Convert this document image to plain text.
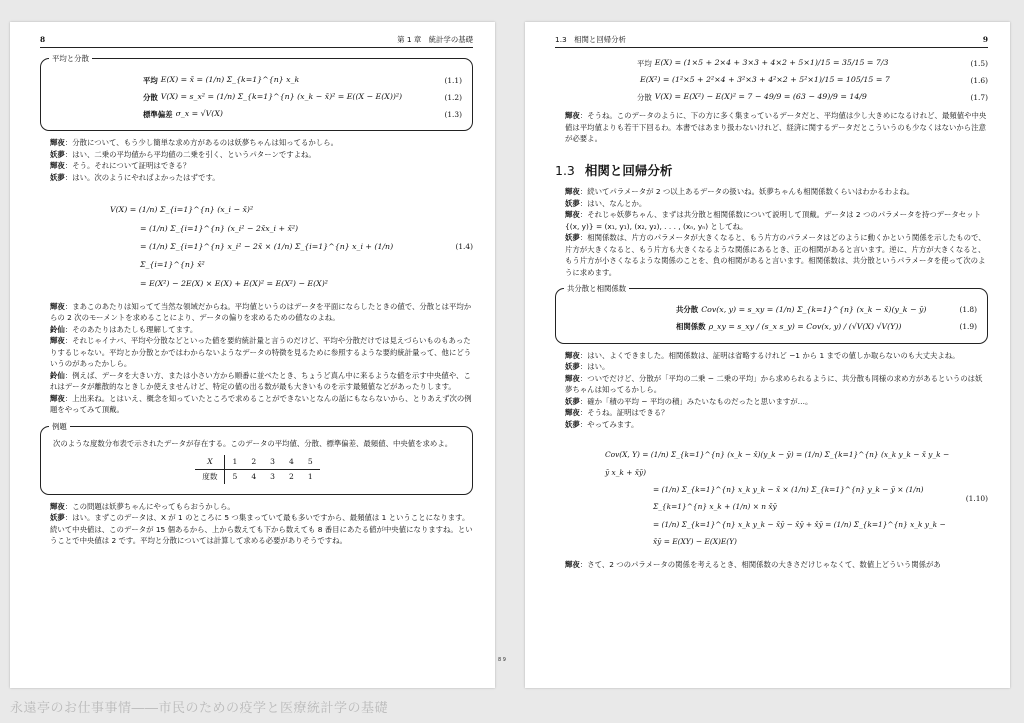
8	第 1 章　統計学の基礎
平均と分散
平均 E(X) = x̄ = (1/n) Σ_{k=1}^{n} x_k	(1.1)
分散 V(X) = s_x² = (1/n) Σ_{k=1}^{n} (x_k − x̄)² = E((X − E(X))²)	(1.2)
標準偏差 σ_x = √V(X)	(1.3)

輝夜：分散について、もう少し簡単な求め方があるのは妖夢ちゃんは知ってるかしら。

妖夢：はい、二乗の平均値から平均値の二乗を引く、というパターンですよね。

輝夜：そう。それについて証明はできる？

妖夢：はい。次のようにやればよかったはずです。

V(X) = (1/n) Σ_{i=1}^{n} (x_i − x̄)²
= (1/n) Σ_{i=1}^{n} (x_i² − 2x̄x_i + x̄²)
= (1/n) Σ_{i=1}^{n} x_i² − 2x̄ × (1/n) Σ_{i=1}^{n} x_i + (1/n) Σ_{i=1}^{n} x̄²
= E(X²) − 2E(X) × E(X) + E(X)² = E(X²) − E(X)²
(1.4)

輝夜：まあこのあたりは知ってて当然な領域だからね。平均値というのはデータを平面にならしたときの値で、分散とは平均からの 2 次のモーメントを求めることにより、データの偏りを求めるための値なのよね。

鈴仙：そのあたりはあたしも理解してます。

輝夜：それじゃイナバ、平均や分散などといった値を要約統計量と言うのだけど、平均や分散だけでは見えづらいものもあったりするじゃない。平均とか分散とかではわからないようなデータの特徴を見るために参照するような要約統計量って、他にどういうのがあったかしら。

鈴仙：例えば、データを大きい方、または小さい方から順番に並べたとき、ちょうど真ん中に来るような値を示す中央値や、これはデータが離散的なときしか使えませんけど、特定の値の出る数が最も大きいものを示す最頻値などがあったりします。

輝夜：上出来ね。とはいえ、概念を知っていたところで求めることができないとなんの話にもならないから、とりあえず次の例題をやってみて頂戴。

例題

次のような度数分布表で示されたデータが存在する。このデータの平均値、分散、標準偏差、最頻値、中央値を求めよ。

X	1	2	3	4	5
度数	5	4	3	2	1

輝夜：この問題は妖夢ちゃんにやってもらおうかしら。

妖夢：はい。まずこのデータは、X が 1 のところに 5 つ集まっていて最も多いですから、最頻値は 1 ということになります。続いて中央値は、このデータが 15 個あるから、上から数えても下から数えても 8 番目にあたる値が中央値になりますね。ということで中央値は 2 です。平均と分散については計算して求める必要がありそうですね。

1.3　相関と回帰分析	9
平均 E(X) = (1×5 + 2×4 + 3×3 + 4×2 + 5×1)/15 = 35/15 = 7/3	(1.5)
E(X²) = (1²×5 + 2²×4 + 3²×3 + 4²×2 + 5²×1)/15 = 105/15 = 7	(1.6)
分散 V(X) = E(X²) − E(X)² = 7 − 49/9 = (63 − 49)/9 = 14/9	(1.7)

輝夜：そうね。このデータのように、下の方に多く集まっているデータだと、平均値は少し大きめになるけれど、最頻値や中央値は平均値よりも若干下回るわ。本書ではあまり扱わないけれど、経済に関するデータだとこういうのも少なくはないから注意が必要よ。

1.3 相関と回帰分析

輝夜：続いてパラメータが 2 つ以上あるデータの扱いね。妖夢ちゃんも相関係数くらいはわかるわよね。

妖夢：はい、なんとか。

輝夜：それじゃ妖夢ちゃん、まずは共分散と相関係数について説明して頂戴。データは 2 つのパラメータを持つデータセット {(x, y)} = (x₁, y₁), (x₂, y₂), . . . , (xₙ, yₙ) としてね。

妖夢：相関係数は、片方のパラメータが大きくなると、もう片方のパラメータはどのように動くかという関係を示したもので、片方が大きくなると、もう片方も大きくなるような関係にあるとき、正の相関があると言います。逆に、片方が大きくなると、もう片方が小さくなるような関係のことを、負の相関があると言います。相関係数は、共分散というパラメータを使って次のように求めます。

共分散と相関係数
共分散 Cov(x, y) = s_xy = (1/n) Σ_{k=1}^{n} (x_k − x̄)(y_k − ȳ)	(1.8)
相関係数 ρ_xy = s_xy / (s_x s_y) = Cov(x, y) / (√V(X) √V(Y))	(1.9)

輝夜：はい、よくできました。相関係数は、証明は省略するけれど −1 から 1 までの値しか取らないのも大丈夫よね。

妖夢：はい。

輝夜：ついでだけど、分散が「平均の二乗 − 二乗の平均」から求められるように、共分散も同様の求め方があるというのは妖夢ちゃんは知ってるかしら。

妖夢：確か「積の平均 − 平均の積」みたいなものだったと思いますが…。

輝夜：そうね。証明はできる？

妖夢：やってみます。

Cov(X, Y) = (1/n) Σ_{k=1}^{n} (x_k − x̄)(y_k − ȳ) = (1/n) Σ_{k=1}^{n} (x_k y_k − x̄ y_k − ȳ x_k + x̄ȳ)
= (1/n) Σ_{k=1}^{n} x_k y_k − x̄ × (1/n) Σ_{k=1}^{n} y_k − ȳ × (1/n) Σ_{k=1}^{n} x_k + (1/n) × n x̄ȳ
= (1/n) Σ_{k=1}^{n} x_k y_k − x̄ȳ − x̄ȳ + x̄ȳ = (1/n) Σ_{k=1}^{n} x_k y_k − x̄ȳ = E(XY) − E(X)E(Y)
(1.10)

輝夜：さて、2 つのパラメータの関係を考えるとき、相関係数の大きさだけじゃなくて、数値上どういう関係があ

8 9
永遠亭のお仕事事情――市民のための疫学と医療統計学の基礎
